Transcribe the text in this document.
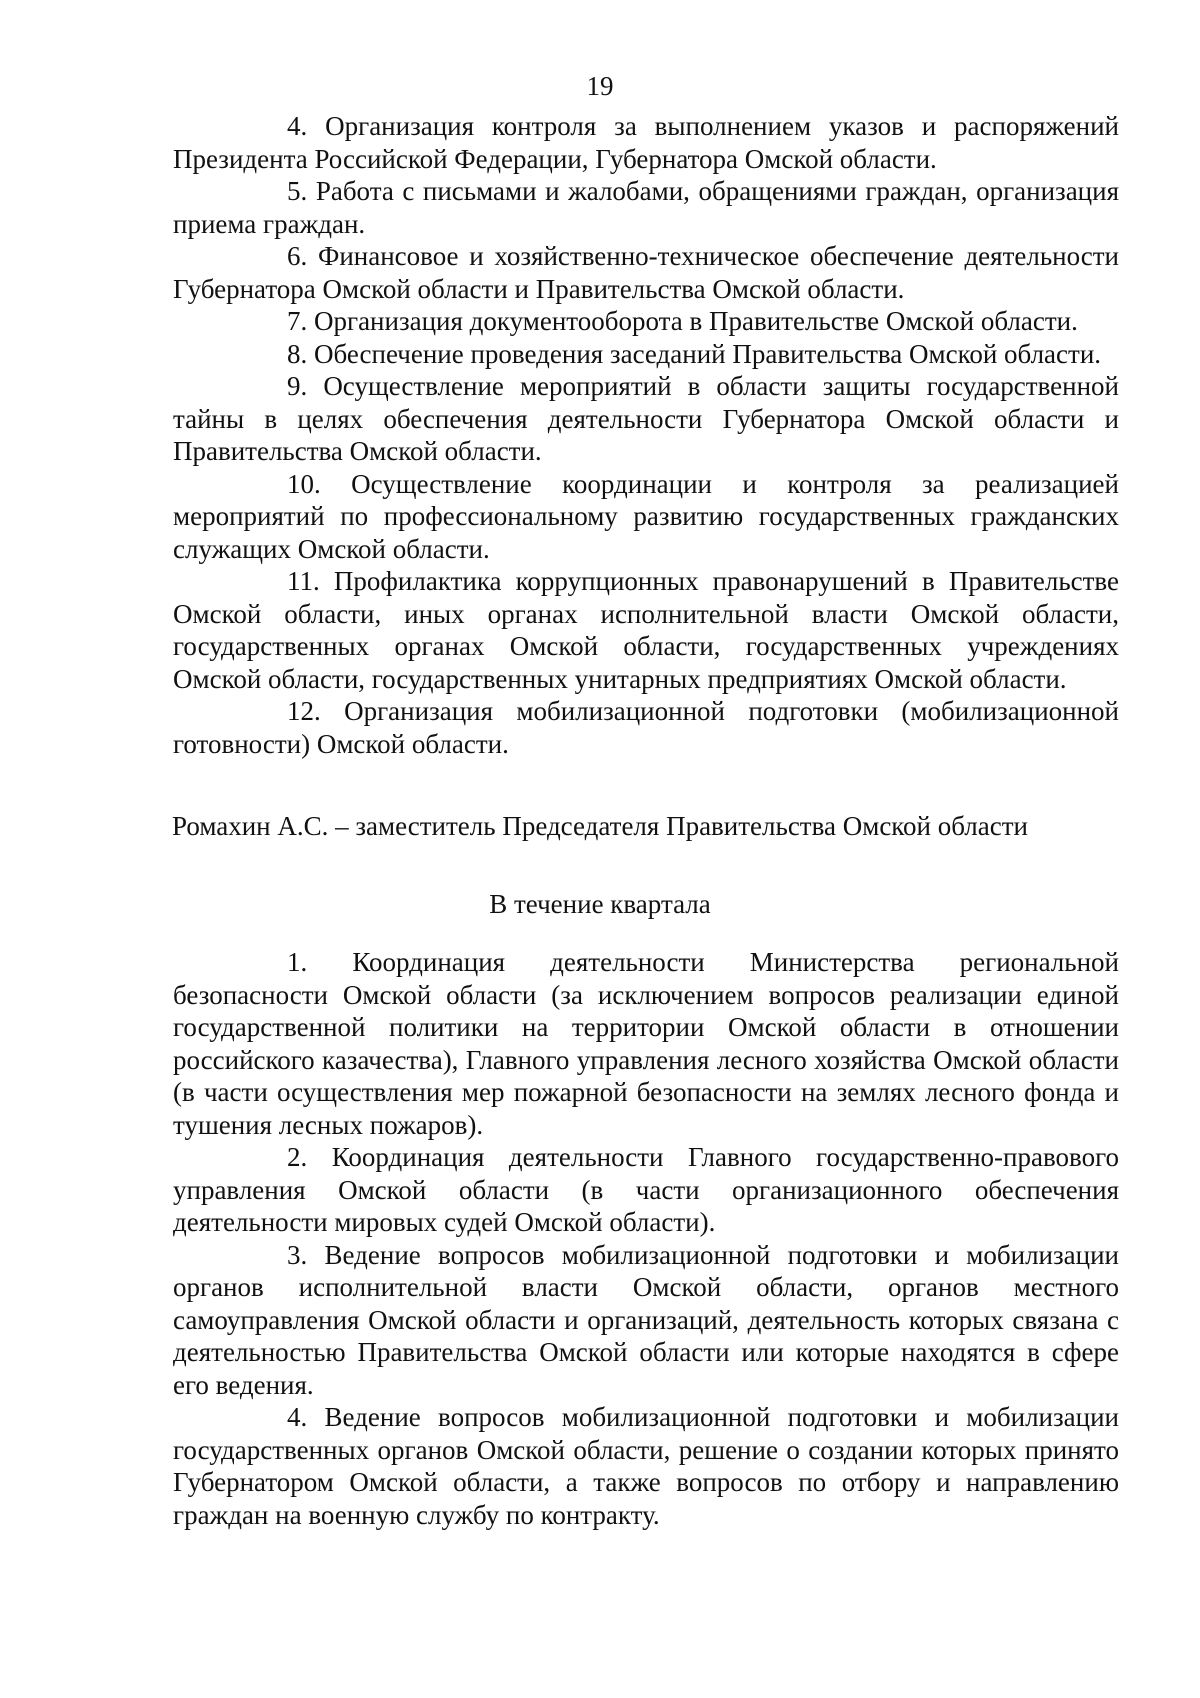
19

4. Организация контроля за выполнением указов и распоряжений Президента Российской Федерации, Губернатора Омской области.

5. Работа с письмами и жалобами, обращениями граждан, организация приема граждан.

6. Финансовое и хозяйственно-техническое обеспечение деятельности Губернатора Омской области и Правительства Омской области.

7. Организация документооборота в Правительстве Омской области.

8. Обеспечение проведения заседаний Правительства Омской области.

9. Осуществление мероприятий в области защиты государственной тайны в целях обеспечения деятельности Губернатора Омской области и Правительства Омской области.

10. Осуществление координации и контроля за реализацией мероприятий по профессиональному развитию государственных гражданских служащих Омской области.

11. Профилактика коррупционных правонарушений в Правительстве Омской области, иных органах исполнительной власти Омской области, государственных органах Омской области, государственных учреждениях Омской области, государственных унитарных предприятиях Омской области.

12. Организация мобилизационной подготовки (мобилизационной готовности) Омской области.

Ромахин А.С. – заместитель Председателя Правительства Омской области

В течение квартала

1. Координация деятельности Министерства региональной безопасности Омской области (за исключением вопросов реализации единой государственной политики на территории Омской области в отношении российского казачества), Главного управления лесного хозяйства Омской области (в части осуществления мер пожарной безопасности на землях лесного фонда и тушения лесных пожаров).

2. Координация деятельности Главного государственно-правового управления Омской области (в части организационного обеспечения деятельности мировых судей Омской области).

3. Ведение вопросов мобилизационной подготовки и мобилизации органов исполнительной власти Омской области, органов местного самоуправления Омской области и организаций, деятельность которых связана с деятельностью Правительства Омской области или которые находятся в сфере его ведения.

4. Ведение вопросов мобилизационной подготовки и мобилизации государственных органов Омской области, решение о создании которых принято Губернатором Омской области, а также вопросов по отбору и направлению граждан на военную службу по контракту.
